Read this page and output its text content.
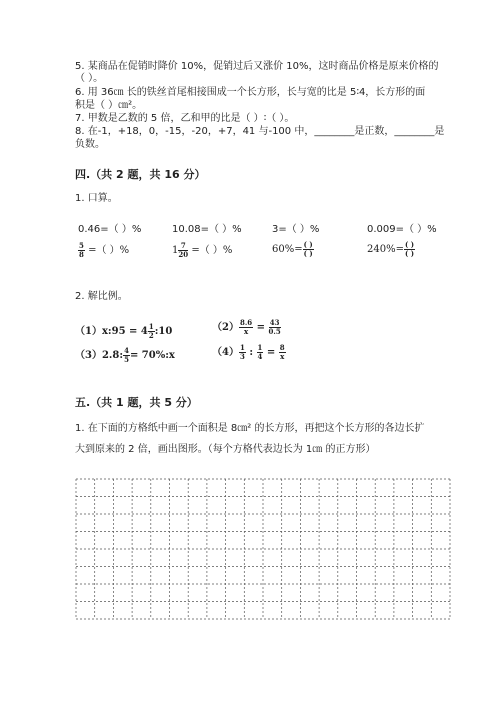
5. 某商品在促销时降价 10%，促销过后又涨价 10%，这时商品价格是原来价格的
（ ）。
6. 用 36㎝ 长的铁丝首尾相接围成一个长方形，长与宽的比是 5∶4，长方形的面
积是（ ）㎝²。
7. 甲数是乙数的 5 倍，乙和甲的比是（ ）∶（ ）。
8. 在-1，+18，0，-15，-20，+7，41 与-100 中，________是正数，________是
负数。
四.（共 2 题，共 16 分）
1. 口算。
0.46=（ ）%	10.08=（ ）%	3=（ ）%	0.009=（ ）%
$\frac{5}{8}$ =（ ）%	$1 \frac{7}{20}$ =（ ）%	$60\%= \frac{( )}{( )}$	$240\%= \frac{( )}{( )}$
2. 解比例。
（1）x:95 = $4 \frac{1}{2}$ :10	$(2) \frac{8.6}{x} = \frac{43}{0.5}$
（3）2.8: $\frac{4}{5}$ = 70%:x	$(4) \frac{1}{3}$ : $\frac{1}{4} = \frac{8}{x}$
五.（共 1 题，共 5 分）
1. 在下面的方格纸中画一个面积是 8㎝² 的长方形，再把这个长方形的各边长扩
大到原来的 2 倍，画出图形。（每个方格代表边长为 1㎝ 的正方形）
